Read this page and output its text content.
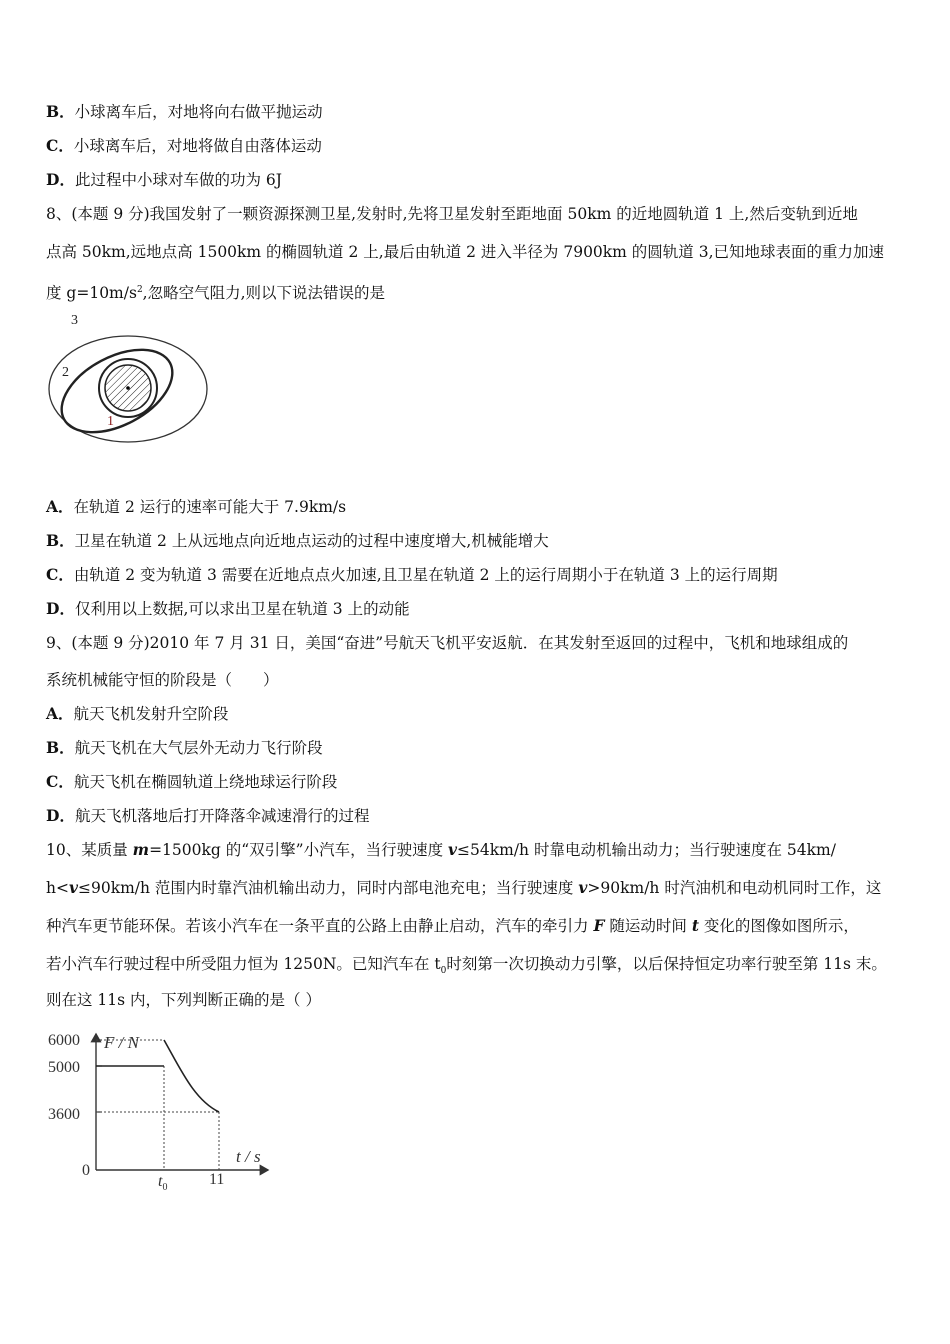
B．小球离车后，对地将向右做平抛运动
C．小球离车后，对地将做自由落体运动
D．此过程中小球对车做的功为 6J
8、(本题 9 分)我国发射了一颗资源探测卫星,发射时,先将卫星发射至距地面 50km 的近地圆轨道 1 上,然后变轨到近地
点高 50km,远地点高 1500km 的椭圆轨道 2 上,最后由轨道 2 进入半径为 7900km 的圆轨道 3,已知地球表面的重力加速
度 $g=10m/s^2$,忽略空气阻力,则以下说法错误的是
3
2
1
A．在轨道 2 运行的速率可能大于 7.9km/s
B．卫星在轨道 2 上从远地点向近地点运动的过程中速度增大,机械能增大
C．由轨道 2 变为轨道 3 需要在近地点点火加速,且卫星在轨道 2 上的运行周期小于在轨道 3 上的运行周期
D．仅利用以上数据,可以求出卫星在轨道 3 上的动能
9、(本题 9 分)2010 年 7 月 31 日，美国“奋进”号航天飞机平安返航．在其发射至返回的过程中，飞机和地球组成的
系统机械能守恒的阶段是（　　）
A．航天飞机发射升空阶段
B．航天飞机在大气层外无动力飞行阶段
C．航天飞机在椭圆轨道上绕地球运行阶段
D．航天飞机落地后打开降落伞减速滑行的过程
10、某质量 m=1500kg 的“双引擎”小汽车，当行驶速度 v≤54km/h 时靠电动机输出动力；当行驶速度在 54km/
h<v≤90km/h 范围内时靠汽油机输出动力，同时内部电池充电；当行驶速度 v>90km/h 时汽油机和电动机同时工作，这
种汽车更节能环保。若该小汽车在一条平直的公路上由静止启动，汽车的牵引力 F 随运动时间 t 变化的图像如图所示，
若小汽车行驶过程中所受阻力恒为 1250N。已知汽车在 $t_0$时刻第一次切换动力引擎，以后保持恒定功率行驶至第 11s 末。
则在这 11s 内，下列判断正确的是（ ）
F / N
t / s
0
6000
5000
3600
$t_0$	11
